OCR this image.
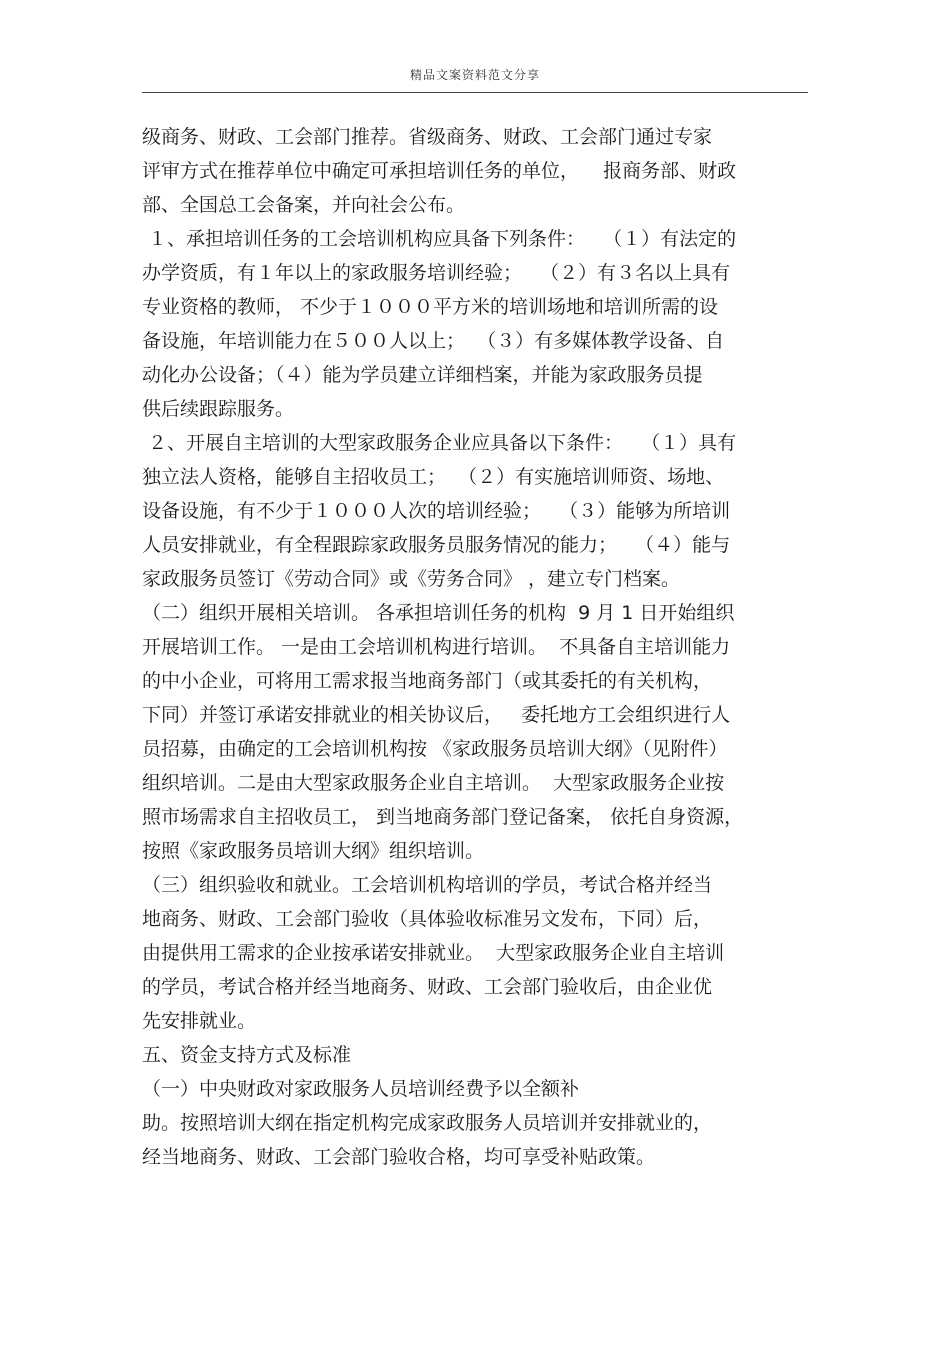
精品文案资料范文分享
级商务、财政、工会部门推荐。省级商务、财政、工会部门通过专家
评审方式在推荐单位中确定可承担培训任务的单位，    报商务部、财政
部、全国总工会备案，并向社会公布。
１、承担培训任务的工会培训机构应具备下列条件：   （１）有法定的
办学资质，有１年以上的家政服务培训经验；   （２）有３名以上具有
专业资格的教师， 不少于１０００平方米的培训场地和培训所需的设
备设施，年培训能力在５００人以上；  （３）有多媒体教学设备、自
动化办公设备；（４）能为学员建立详细档案，并能为家政服务员提
供后续跟踪服务。
２、开展自主培训的大型家政服务企业应具备以下条件：   （１）具有
独立法人资格，能够自主招收员工；  （２）有实施培训师资、场地、
设备设施，有不少于１０００人次的培训经验；   （３）能够为所培训
人员安排就业，有全程跟踪家政服务员服务情况的能力；   （４）能与
家政服务员签订《劳动合同》或《劳务合同》 ，建立专门档案。
（二）组织开展相关培训。 各承担培训任务的机构  9 月 1 日开始组织
开展培训工作。 一是由工会培训机构进行培训。  不具备自主培训能力
的中小企业，可将用工需求报当地商务部门（或其委托的有关机构，
下同）并签订承诺安排就业的相关协议后，   委托地方工会组织进行人
员招募，由确定的工会培训机构按 《家政服务员培训大纲》（见附件）
组织培训。二是由大型家政服务企业自主培训。  大型家政服务企业按
照市场需求自主招收员工， 到当地商务部门登记备案， 依托自身资源，
按照《家政服务员培训大纲》组织培训。
（三）组织验收和就业。工会培训机构培训的学员，考试合格并经当
地商务、财政、工会部门验收（具体验收标准另文发布，下同）后，
由提供用工需求的企业按承诺安排就业。  大型家政服务企业自主培训
的学员，考试合格并经当地商务、财政、工会部门验收后，由企业优
先安排就业。
五、资金支持方式及标准
（一）中央财政对家政服务人员培训经费予以全额补
助。按照培训大纲在指定机构完成家政服务人员培训并安排就业的，
经当地商务、财政、工会部门验收合格，均可享受补贴政策。
